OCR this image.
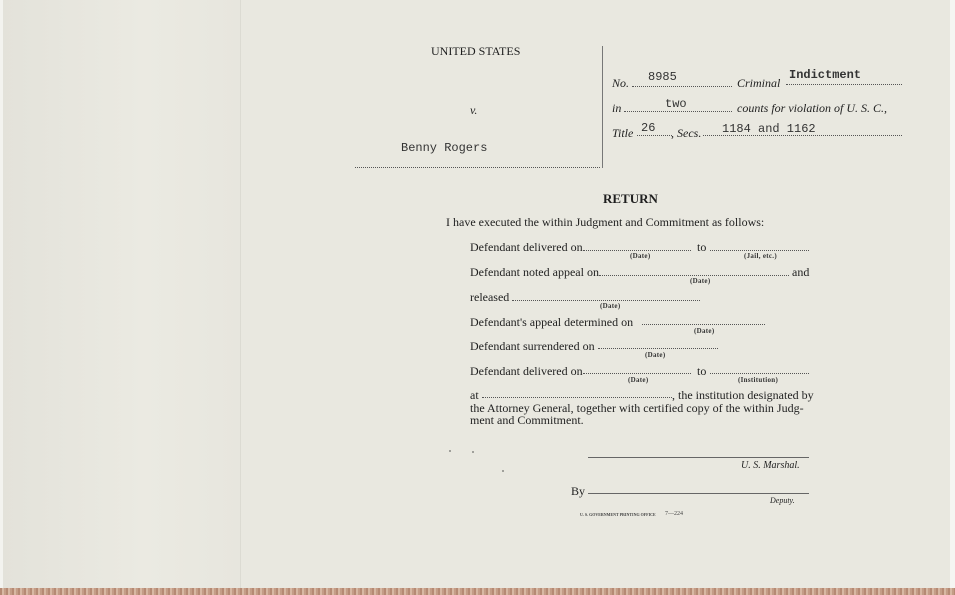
UNITED STATES
v.
Benny Rogers
No. 8985	Criminal
Indictment
in	two	counts for violation of U. S. C.,
Title 26 , Secs. 1184 and 1162
RETURN
I have executed the within Judgment and Commitment as follows:
Defendant delivered on
(Date)
to
(Jail, etc.)
Defendant noted appeal on
(Date)
and
released
(Date)
Defendant's appeal determined on
(Date)
Defendant surrendered on
(Date)
Defendant delivered on
(Date)
to
(Institution)
at	, the institution designated by
the Attorney General, together with certified copy of the within Judg-
ment and Commitment.
U. S. Marshal.
By
Deputy.
U. S. GOVERNMENT PRINTING OFFICE 7—224
